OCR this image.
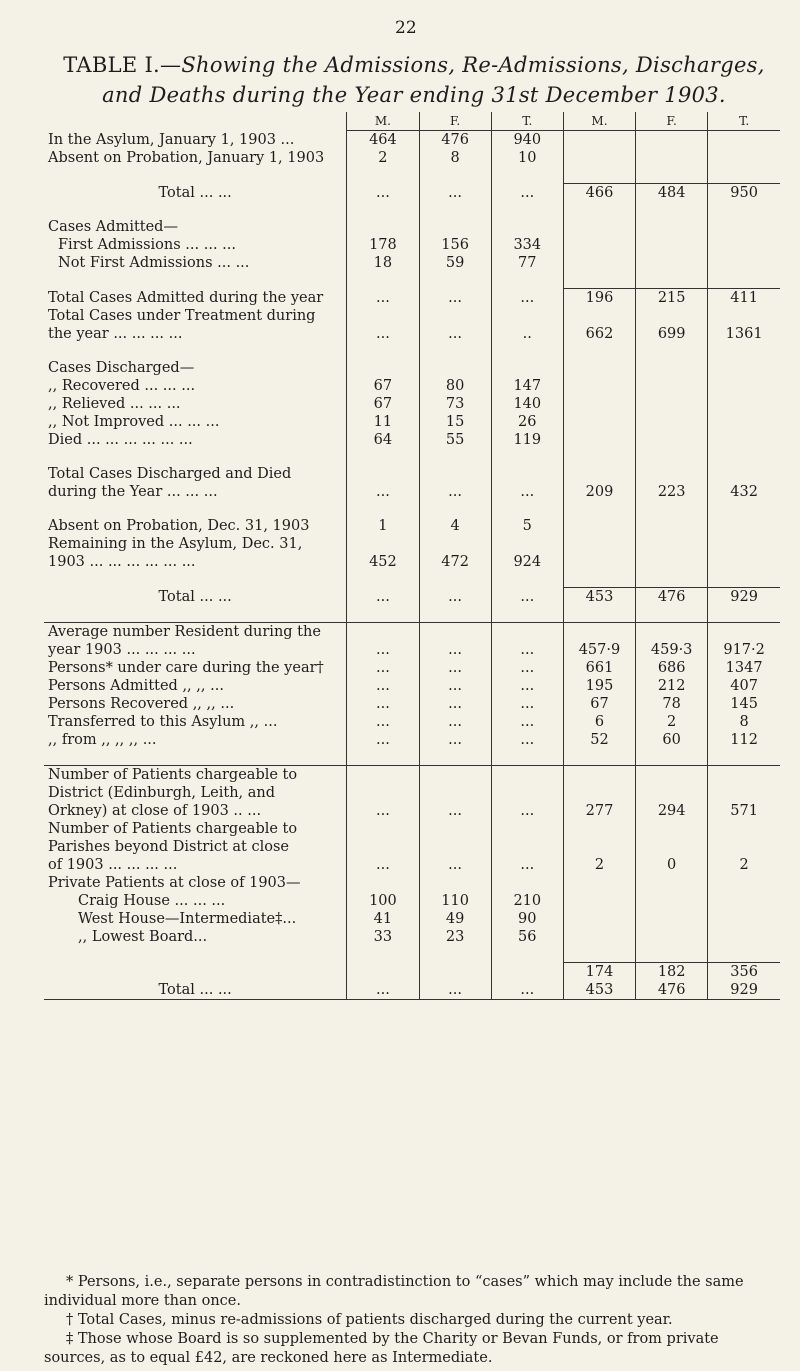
22
TABLE I.—Showing the Admissions, Re-Admissions, Discharges, and Deaths during the Year ending 31st December 1903.
	M.	F.	T.	M.	F.	T.
In the Asylum, January 1, 1903 ...	464	476	940			
Absent on Probation, January 1, 1903	2	8	10			

Total ... ...	...	...	...	466	484	950

Cases Admitted—						
First Admissions ... ... ...	178	156	334			
Not First Admissions ... ...	18	59	77			

Total Cases Admitted during the year	...	...	...	196	215	411
Total Cases under Treatment during						
the year ... ... ... ...	...	...	..	662	699	1361

Cases Discharged—						
,, Recovered ... ... ...	67	80	147			
,, Relieved ... ... ...	67	73	140			
,, Not Improved ... ... ...	11	15	26			
Died ... ... ... ... ... ...	64	55	119			

Total Cases Discharged and Died						
during the Year ... ... ...	...	...	...	209	223	432

Absent on Probation, Dec. 31, 1903	1	4	5			
Remaining in the Asylum, Dec. 31,						
1903 ... ... ... ... ... ...	452	472	924			

Total ... ...	...	...	...	453	476	929

Average number Resident during the						
year 1903 ... ... ... ...	...	...	...	457·9	459·3	917·2
Persons* under care during the year†	...	...	...	661	686	1347
Persons Admitted ,, ,, ...	...	...	...	195	212	407
Persons Recovered ,, ,, ...	...	...	...	67	78	145
Transferred to this Asylum ,, ...	...	...	...	6	2	8
,, from ,, ,, ,, ...	...	...	...	52	60	112

Number of Patients chargeable to						
District (Edinburgh, Leith, and						
Orkney) at close of 1903 .. ...	...	...	...	277	294	571
Number of Patients chargeable to						
Parishes beyond District at close						
of 1903 ... ... ... ...	...	...	...	2	0	2
Private Patients at close of 1903—						
Craig House ... ... ...	100	110	210			
West House—Intermediate‡...	41	49	90			
,, Lowest Board...	33	23	56			

				174	182	356
Total ... ...	...	...	...	453	476	929

* Persons, i.e., separate persons in contradistinction to “cases” which may include the same individual more than once.

† Total Cases, minus re-admissions of patients discharged during the current year.

‡ Those whose Board is so supplemented by the Charity or Bevan Funds, or from private sources, as to equal £42, are reckoned here as Intermediate.
